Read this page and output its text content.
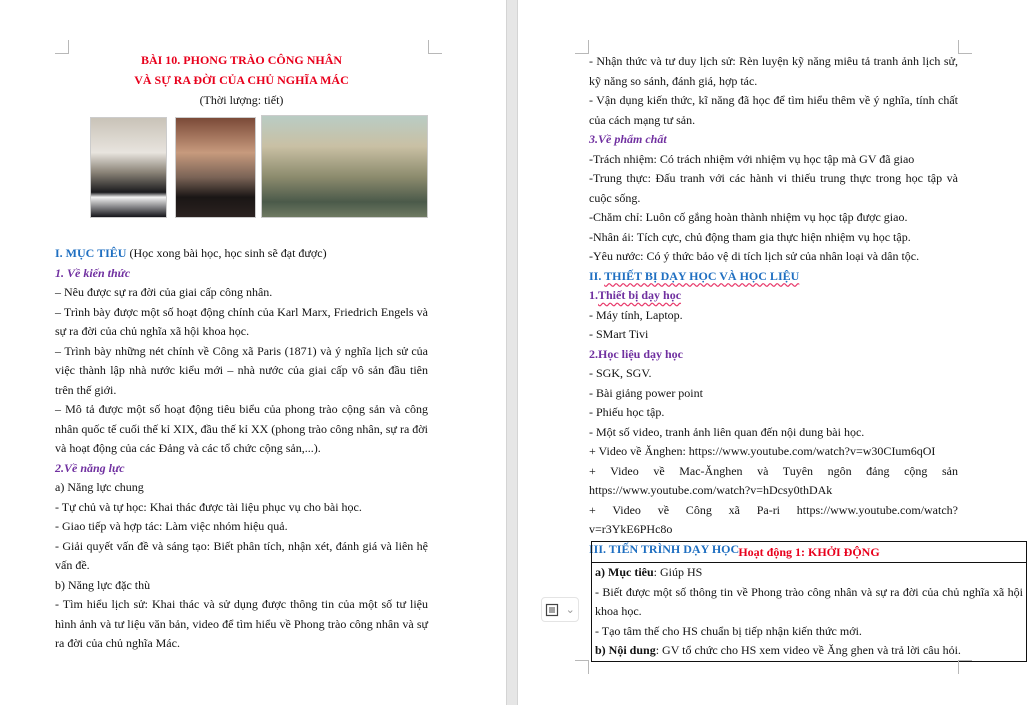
BÀI 10. PHONG TRÀO CÔNG NHÂN

VÀ SỰ RA ĐỜI CỦA CHỦ NGHĨA MÁC

(Thời lượng: tiết)

I. MỤC TIÊU (Học xong bài học, học sinh sẽ đạt được)

1. Về kiến thức

– Nêu được sự ra đời của giai cấp công nhân.

– Trình bày được một số hoạt động chính của Karl Marx, Friedrich Engels và sự ra đời của chủ nghĩa xã hội khoa học.

– Trình bày những nét chính về Công xã Paris (1871) và ý nghĩa lịch sử của việc thành lập nhà nước kiểu mới – nhà nước của giai cấp vô sản đầu tiên trên thế giới.

– Mô tả được một số hoạt động tiêu biểu của phong trào cộng sản và công nhân quốc tế cuối thế kỉ XIX, đầu thế kỉ XX (phong trào công nhân, sự ra đời và hoạt động của các Đảng và các tổ chức cộng sản,...).

2.Về năng lực

a) Năng lực chung

- Tự chủ và tự học: Khai thác được tài liệu phục vụ cho bài học.

- Giao tiếp và hợp tác: Làm việc nhóm hiệu quả.

- Giải quyết vấn đề và sáng tạo: Biết phân tích, nhận xét, đánh giá và liên hệ vấn đề.

b) Năng lực đặc thù

- Tìm hiểu lịch sử: Khai thác và sử dụng được thông tin của một số tư liệu hình ảnh và tư liệu văn bản, video để tìm hiểu về Phong trào công nhân và sự ra đời của chủ nghĩa Mác.

- Nhận thức và tư duy lịch sử: Rèn luyện kỹ năng miêu tả tranh ảnh lịch sử, kỹ năng so sánh, đánh giá, hợp tác.

- Vận dụng kiến thức, kĩ năng đã học để tìm hiểu thêm về ý nghĩa, tính chất của cách mạng tư sản.

3.Về phẩm chất

-Trách nhiệm: Có trách nhiệm với nhiệm vụ học tập mà GV đã giao

-Trung thực: Đấu tranh với các hành vi thiếu trung thực trong học tập và cuộc sống.

-Chăm chỉ: Luôn cố gắng hoàn thành nhiệm vụ học tập được giao.

-Nhân ái: Tích cực, chủ động tham gia thực hiện nhiệm vụ học tập.

-Yêu nước: Có ý thức bảo vệ di tích lịch sử của nhân loại và dân tộc.

II. THIẾT BỊ DẠY HỌC VÀ HỌC LIỆU

1.Thiết bị dạy học

- Máy tính, Laptop.

- SMart Tivi

2.Học liệu dạy học

- SGK, SGV.

- Bài giảng power point

- Phiếu học tập.

- Một số video, tranh ảnh liên quan đến nội dung bài học.

+ Video về Ănghen: https://www.youtube.com/watch?v=w30CIum6qOI

+ Video về Mac-Ănghen và Tuyên ngôn đảng cộng sản https://www.youtube.com/watch?v=hDcsy0thDAk

+ Video về Công xã Pa-ri https://www.youtube.com/watch?v=r3YkE6PHc8o

III. TIẾN TRÌNH DẠY HỌC Hoạt động 1: KHỞI ĐỘNG

a) Mục tiêu: Giúp HS

- Biết được một số thông tin về Phong trào công nhân và sự ra đời của chủ nghĩa xã hội khoa học.

- Tạo tâm thế cho HS chuẩn bị tiếp nhận kiến thức mới.

b) Nội dung: GV tổ chức cho HS xem video về Ăng ghen và trả lời câu hỏi.

⌄
